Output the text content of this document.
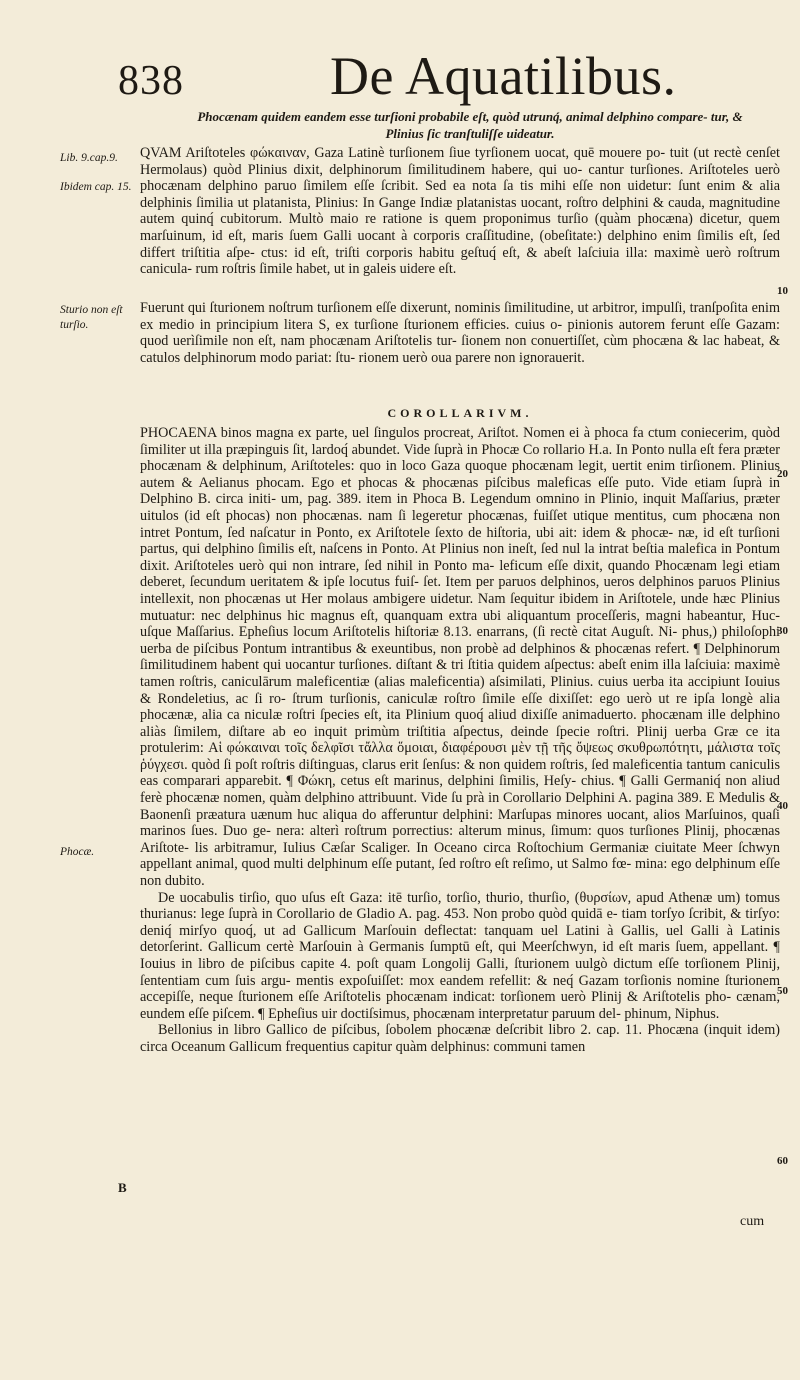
838	De Aquatilibus.
Phocænam quidem eandem esse turſioni probabile eſt, quòd utrunq́, animal delphino compare- tur, & Plinius ſic tranſtuliſſe uideatur.
Lib. 9.cap.9.
Ibidem cap. 15.
Sturio non eſt turſio.
Phocæ.

QVAM Ariſtoteles φώκαιναν, Gaza Latinè turſionem ſiue tyrſionem uocat, quē mouere po- tuit (ut rectè cenſet Hermolaus) quòd Plinius dixit, delphinorum ſimilitudinem habere, qui uo- cantur turſiones. Ariſtoteles uerò phocænam delphino paruo ſimilem eſſe ſcribit. Sed ea nota ſa tis mihi eſſe non uidetur: ſunt enim & alia delphinis ſimilia ut platanista, Plinius: In Gange Indiæ platanistas uocant, roſtro delphini & cauda, magnitudine autem quinq́ cubitorum. Multò maio re ratione is quem proponimus turſio (quàm phocæna) dicetur, quem marſuinum, id eſt, maris ſuem Galli uocant à corporis craſſitudine, (obeſitate:) delphino enim ſimilis eſt, ſed differt triſtitia aſpe- ctus: id eſt, triſti corporis habitu geſtuq́ eſt, & abeſt laſciuia illa: maximè uerò roſtrum canicula- rum roſtris ſimile habet, ut in galeis uidere eſt.

Fuerunt qui ſturionem noſtrum turſionem eſſe dixerunt, nominis ſimilitudine, ut arbitror, impulſi, tranſpoſita enim ex medio in principium litera S, ex turſione ſturionem efficies. cuius o- pinionis autorem ferunt eſſe Gazam: quod uerìſimile non eſt, nam phocænam Ariſtotelis tur- ſionem non conuertiſſet, cùm phocæna & lac habeat, & catulos delphinorum modo pariat: ſtu- rionem uerò oua parere non ignorauerit.

COROLLARIVM.

PHOCAENA binos magna ex parte, uel ſingulos procreat, Ariſtot. Nomen ei à phoca fa ctum coniecerim, quòd ſimiliter ut illa præpinguis ſit, lardoq́ abundet. Vide ſuprà in Phocæ Co rollario H.a. In Ponto nulla eſt fera præter phocænam & delphinum, Ariſtoteles: quo in loco Gaza quoque phocænam legit, uertit enim tirſionem. Plinius autem & Aelianus phocam. Ego et phocas & phocænas piſcibus maleficas eſſe puto. Vide etiam ſuprà in Delphino B. circa initi- um, pag. 389. item in Phoca B. Legendum omnino in Plinio, inquit Maſſarius, præter uitulos (id eſt phocas) non phocænas. nam ſi legeretur phocænas, fuiſſet utique mentitus, cum phocæna non intret Pontum, ſed naſcatur in Ponto, ex Ariſtotele ſexto de hiſtoria, ubi ait: idem & phocæ- næ, id eſt turſioni partus, qui delphino ſimilis eſt, naſcens in Ponto. At Plinius non ineſt, ſed nul la intrat beſtia malefica in Pontum dixit. Ariſtoteles uerò qui non intrare, ſed nihil in Ponto ma- leficum eſſe dixit, quando Phocænam legi etiam deberet, ſecundum ueritatem & ipſe locutus fuiſ- ſet. Item per paruos delphinos, ueros delphinos paruos Plinius intellexit, non phocænas ut Her molaus ambigere uidetur. Nam ſequitur ibidem in Ariſtotele, unde hæc Plinius mutuatur: nec delphinus hic magnus eſt, quanquam extra ubi aliquantum proceſſeris, magni habeantur, Huc- uſque Maſſarius. Epheſius locum Ariſtotelis hiſtoriæ 8.13. enarrans, (ſi rectè citat Auguſt. Ni- phus,) philoſophi uerba de piſcibus Pontum intrantibus & exeuntibus, non probè ad delphinos & phocænas refert. ¶ Delphinorum ſimilitudinem habent qui uocantur turſiones. diſtant & tri ſtitia quidem aſpectus: abeſt enim illa laſciuia: maximè tamen roſtris, caniculārum maleficentiæ (alias maleficentia) aſsimilati, Plinius. cuius uerba ita accipiunt Iouius & Rondeletius, ac ſi ro- ſtrum turſionis, caniculæ roſtro ſimile eſſe dixiſſet: ego uerò ut re ipſa longè alia phocænæ, alia ca niculæ roſtri ſpecies eſt, ita Plinium quoq́ aliud dixiſſe animaduerto. phocænam ille delphino aliàs ſimilem, diſtare ab eo inquit primùm triſtitia aſpectus, deinde ſpecie roſtri. Plinij uerba Græ ce ita protulerim: Αἱ φώκαιναι τοῖς δελφῖσι τἄλλα ὅμοιαι, διαφέρουσι μὲν τῇ τῆς ὄψεως σκυθρωπότητι, μάλιστα τοῖς ῥύγχεσι. quòd ſi poſt roſtris diſtinguas, clarus erit ſenſus: & non quidem roſtris, ſed maleficentia tantum caniculis eas comparari apparebit. ¶ Φώκη, cetus eſt marinus, delphini ſimilis, Heſy- chius. ¶ Galli Germaniq́ non aliud ferè phocænæ nomen, quàm delphino attribuunt. Vide ſu prà in Corollario Delphini A. pagina 389. E Medulis & Baonenſi præatura uænum huc aliqua do afferuntur delphini: Marſupas minores uocant, alios Marſuinos, quaſi marinos ſues. Duo ge- nera: alterì roſtrum porrectius: alterum minus, ſimum: quos turſiones Plinij, phocænas Ariſtote- lis arbitramur, Iulius Cæſar Scaliger. In Oceano circa Roſtochium Germaniæ ciuitate Meer ſchwyn appellant animal, quod multi delphinum eſſe putant, ſed roſtro eſt reſimo, ut Salmo fœ- mina: ego delphinum eſſe non dubito.

De uocabulis tirſio, quo uſus eſt Gaza: itē turſio, torſio, thurio, thurſio, (θυρσίων, apud Athenæ um) tomus thurianus: lege ſuprà in Corollario de Gladio A. pag. 453. Non probo quòd quidā e- tiam torſyo ſcribit, & tirſyo: deniq́ mirſyo quoq́, ut ad Gallicum Marſouin deflectat: tanquam uel Latini à Gallis, uel Galli à Latinis detorſerint. Gallicum certè Marſouin à Germanis ſumptū eſt, qui Meerſchwyn, id eſt maris ſuem, appellant. ¶ Iouius in libro de piſcibus capite 4. poſt quam Longolij Galli, ſturionem uulgò dictum eſſe torſionem Plinij, ſententiam cum ſuis argu- mentis expoſuiſſet: mox eandem refellit: & neq́ Gazam torſionis nomine ſturionem accepiſſe, neque ſturionem eſſe Ariſtotelis phocænam indicat: torſionem uerò Plinij & Ariſtotelis pho- cænam, eundem eſſe piſcem. ¶ Epheſius uir doctiſsimus, phocænam interpretatur paruum del- phinum, Niphus.

Bellonius in libro Gallico de piſcibus, ſobolem phocænæ deſcribit libro 2. cap. 11. Phocæna (inquit idem) circa Oceanum Gallicum frequentius capitur quàm delphinus: communi tamen

10
20
30
40
50
60
B
cum
